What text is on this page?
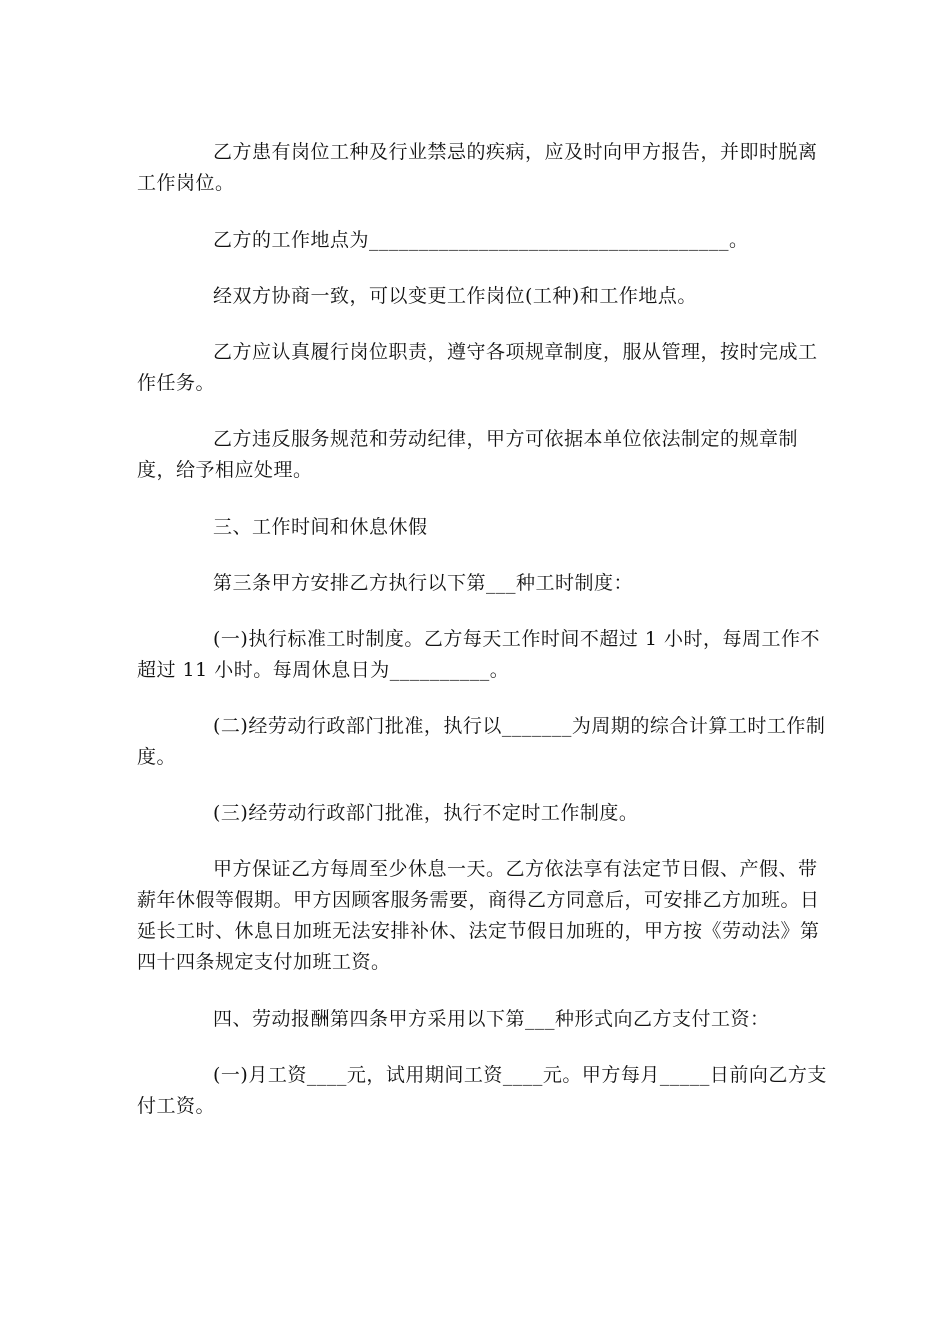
乙方患有岗位工种及行业禁忌的疾病，应及时向甲方报告，并即时脱离工作岗位。

乙方的工作地点为____________________________________。

经双方协商一致，可以变更工作岗位(工种)和工作地点。

乙方应认真履行岗位职责，遵守各项规章制度，服从管理，按时完成工作任务。

乙方违反服务规范和劳动纪律，甲方可依据本单位依法制定的规章制度，给予相应处理。

三、工作时间和休息休假

第三条甲方安排乙方执行以下第___种工时制度：

(一)执行标准工时制度。乙方每天工作时间不超过 1 小时，每周工作不超过 11 小时。每周休息日为__________。

(二)经劳动行政部门批准，执行以_______为周期的综合计算工时工作制度。

(三)经劳动行政部门批准，执行不定时工作制度。

甲方保证乙方每周至少休息一天。乙方依法享有法定节日假、产假、带薪年休假等假期。甲方因顾客服务需要，商得乙方同意后，可安排乙方加班。日延长工时、休息日加班无法安排补休、法定节假日加班的，甲方按《劳动法》第四十四条规定支付加班工资。

四、劳动报酬第四条甲方采用以下第___种形式向乙方支付工资：

(一)月工资____元，试用期间工资____元。甲方每月_____日前向乙方支付工资。
